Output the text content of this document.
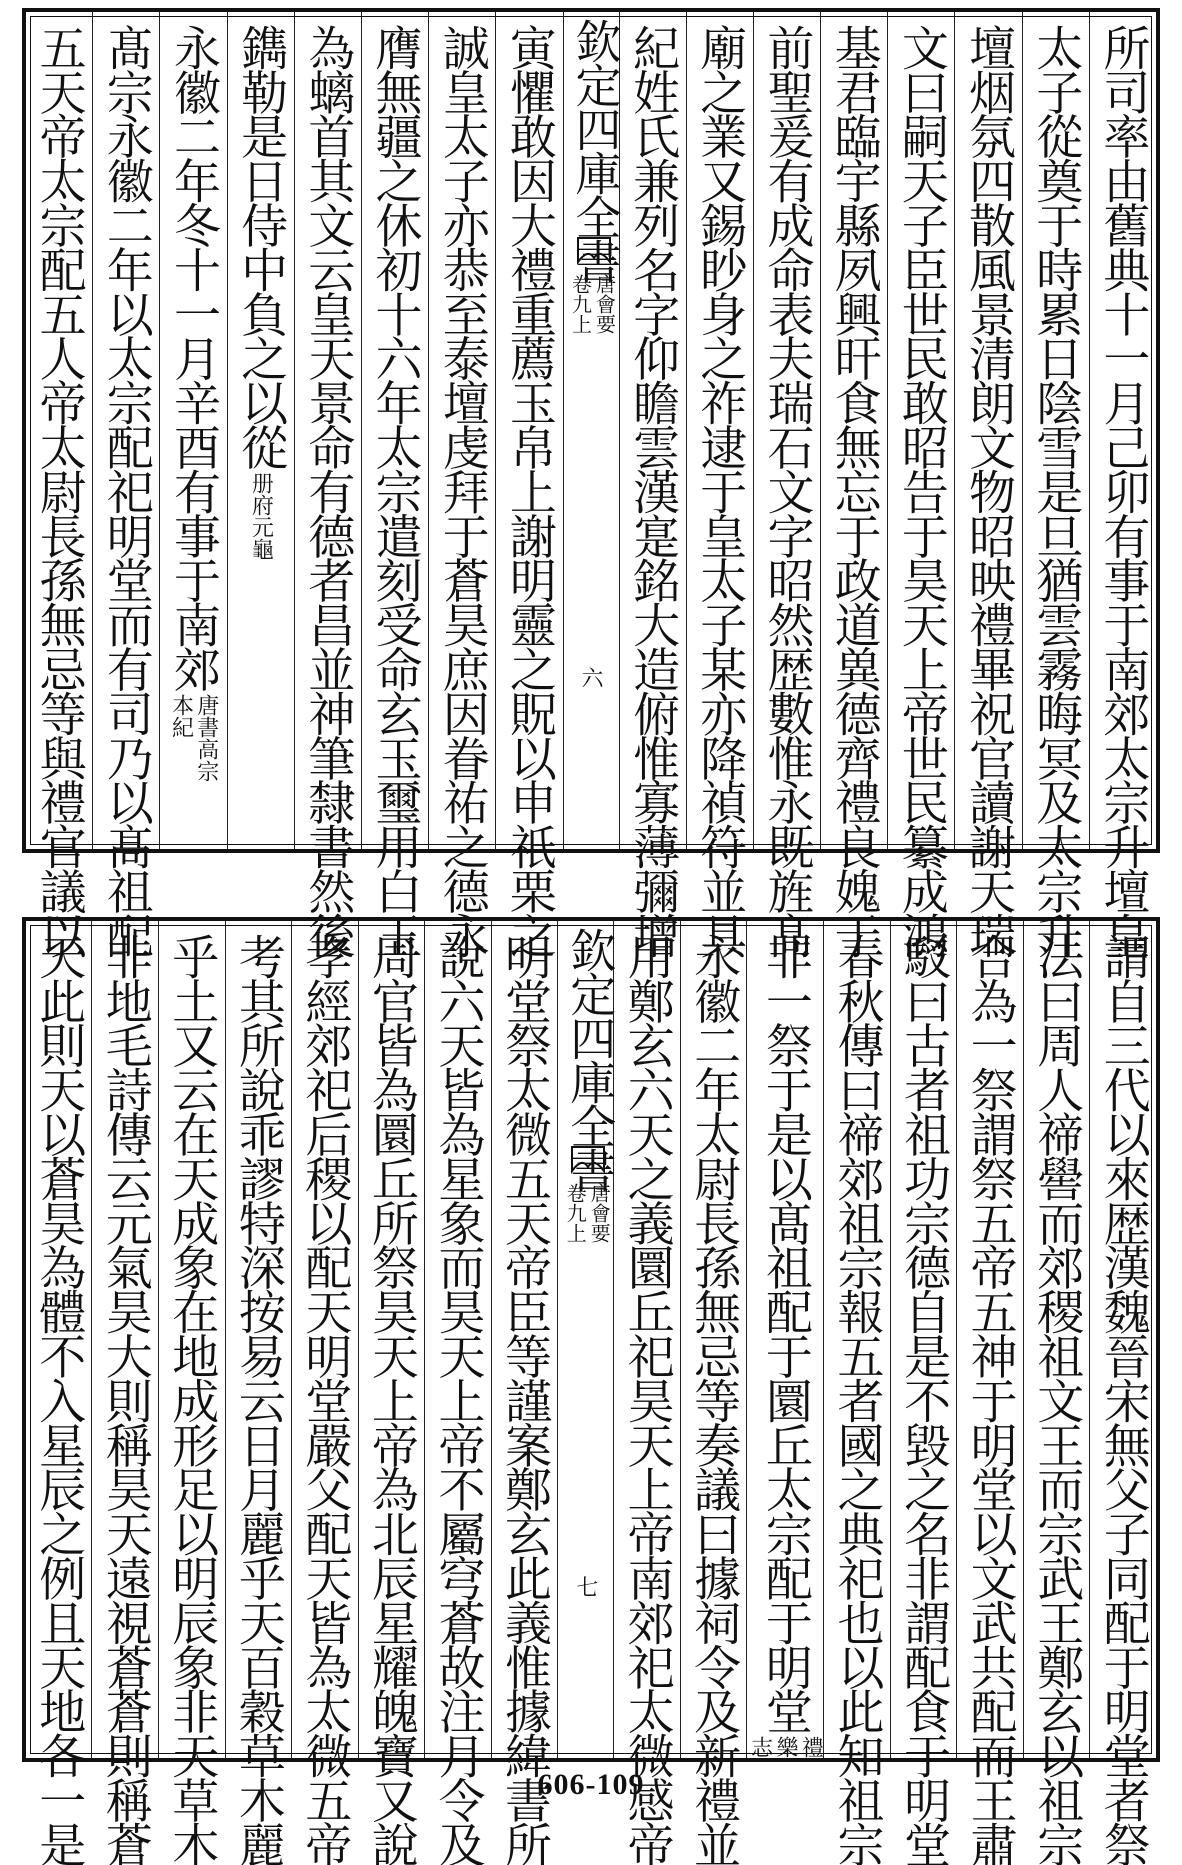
所司率由舊典十一月己卯有事于南郊太宗升壇皇
太子從奠于時累日陰雪是旦猶雲霧晦冥及太宗升
壇烟氛四散風景清朗文物昭映禮畢祝官讀謝天瑞
文曰嗣天子臣世民敢昭告于昊天上帝世民纂成鴻
基君臨宇縣夙興旰食無忘于政道兾德齊禮良媿于
前聖爰有成命表夫瑞石文字昭然歴數惟永既旌髙
廟之業又錫眇身之祚逮于皇太子某亦降禎符並具
紀姓氏兼列名字仰瞻雲漢寔銘大造俯惟寡薄彌增
欽定四庫全書
唐會要
卷九上
六
寅懼敢因大禮重薦玉帛上謝明靈之貺以申祇栗之
誠皇太子亦恭至泰壇虔拜于蒼昊庶因眷祐之德永
膺無疆之休初十六年太宗遣刻受命玄玉璽用白玉
為螭首其文云皇天景命有德者昌並神筆隸書然後
鐫勒是日侍中負之以從
册府元龜
永徽二年冬十一月辛酉有事于南郊
唐書高宗本紀
髙宗永徽二年以太宗配祀明堂而有司乃以髙祖配
五天帝太宗配五人帝太尉長孫無忌等與禮官議以
謂自三代以來歴漢魏晉宋無父子同配于明堂者祭
法曰周人禘嚳而郊稷祖文王而宗武王鄭玄以祖宗
合為一祭謂祭五帝五神于明堂以文武共配而王肅
駁曰古者祖功宗德自是不毀之名非謂配食于明堂
春秋傳曰禘郊祖宗報五者國之典祀也以此知祖宗
非一祭于是以髙祖配于圜丘太宗配于明堂
禮樂志
永徽二年太尉長孫無忌等奏議曰據祠令及新禮並
用鄭玄六天之義圜丘祀昊天上帝南郊祀太微感帝
欽定四庫全書
唐會要
卷九上
七
明堂祭太微五天帝臣等謹案鄭玄此義惟據緯書所
說六天皆為星象而昊天上帝不屬穹蒼故注月令及
周官皆為圜丘所祭昊天上帝為北辰星耀魄寶又說
孝經郊祀后稷以配天明堂嚴父配天皆為太微五帝
考其所說乖謬特深按易云日月麗乎天百穀草木麗
乎土又云在天成象在地成形足以明辰象非天草木
非地毛詩傳云元氣昊大則稱昊天遠視蒼蒼則稱蒼
天此則天以蒼昊為體不入星辰之例且天地各一是	606-109
